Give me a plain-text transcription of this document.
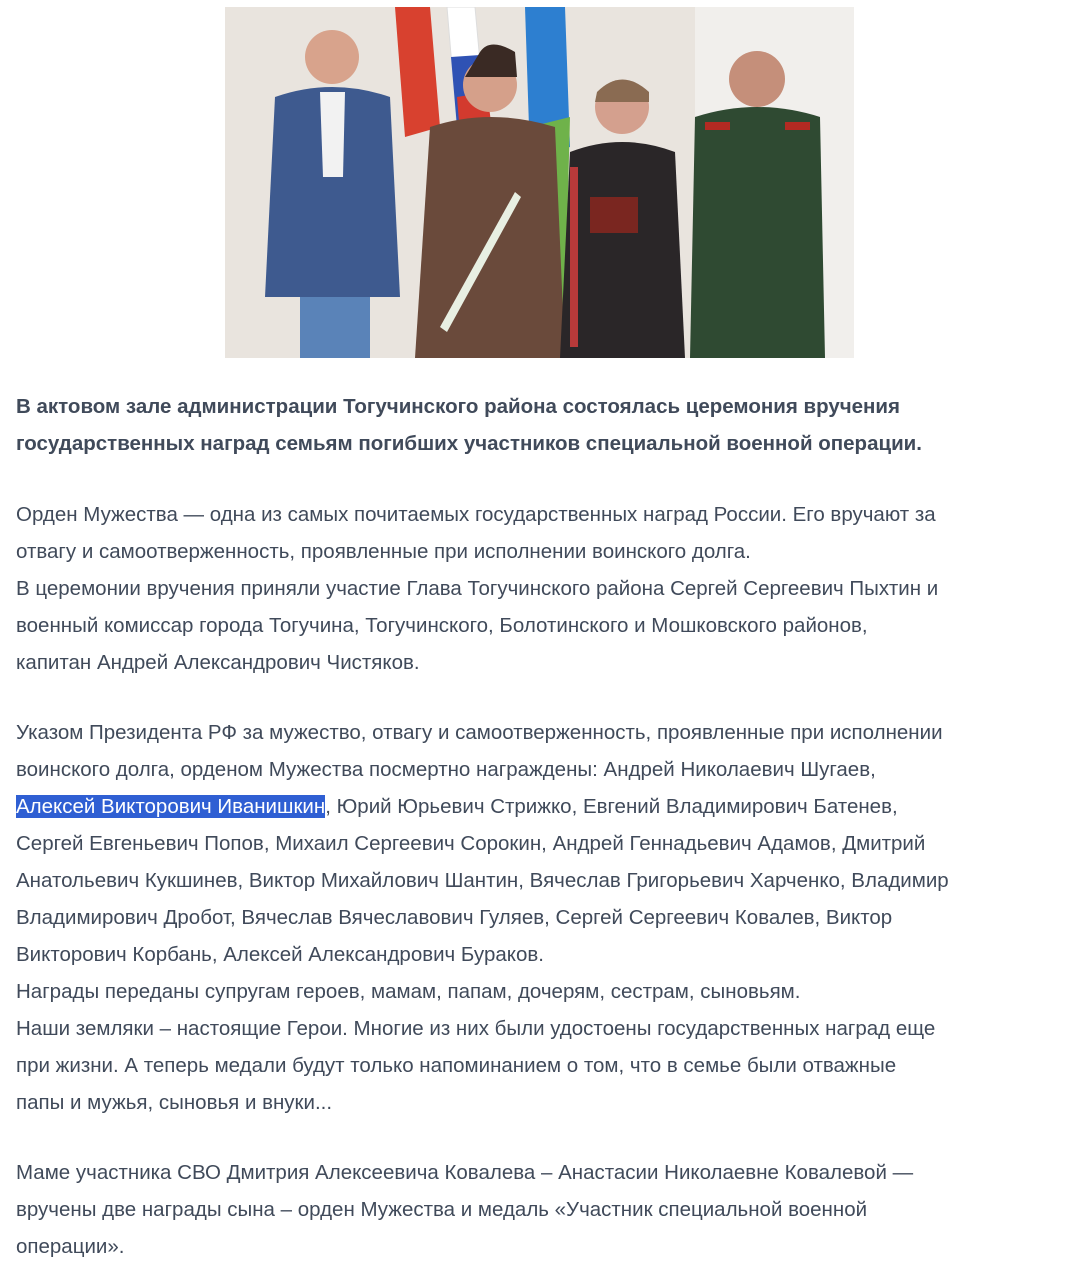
В актовом зале администрации Тогучинского района состоялась церемония вручения
государственных наград семьям погибших участников специальной военной операции.

Орден Мужества — одна из самых почитаемых государственных наград России. Его вручают за
отвагу и самоотверженность, проявленные при исполнении воинского долга.
В церемонии вручения приняли участие Глава Тогучинского района Сергей Сергеевич Пыхтин и
военный комиссар города Тогучина, Тогучинского, Болотинского и Мошковского районов,
капитан Андрей Александрович Чистяков.

Указом Президента РФ за мужество, отвагу и самоотверженность, проявленные при исполнении
воинского долга, орденом Мужества посмертно награждены: Андрей Николаевич Шугаев,
Алексей Викторович Иванишкин, Юрий Юрьевич Стрижко, Евгений Владимирович Батенев,
Сергей Евгеньевич Попов, Михаил Сергеевич Сорокин, Андрей Геннадьевич Адамов, Дмитрий
Анатольевич Кукшинев, Виктор Михайлович Шантин, Вячеслав Григорьевич Харченко, Владимир
Владимирович Дробот, Вячеслав Вячеславович Гуляев, Сергей Сергеевич Ковалев, Виктор
Викторович Корбань, Алексей Александрович Бураков.
Награды переданы супругам героев, мамам, папам, дочерям, сестрам, сыновьям.
Наши земляки – настоящие Герои. Многие из них были удостоены государственных наград еще
при жизни. А теперь медали будут только напоминанием о том, что в семье были отважные
папы и мужья, сыновья и внуки...

Маме участника СВО Дмитрия Алексеевича Ковалева – Анастасии Николаевне Ковалевой —
вручены две награды сына – орден Мужества и медаль «Участник специальной военной
операции».
